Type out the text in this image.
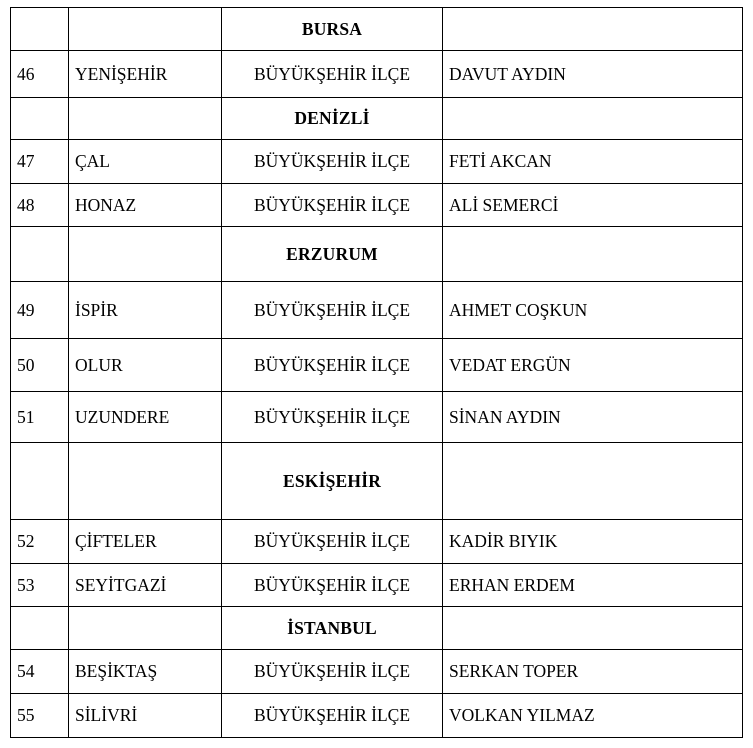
		BURSA	
46	YENİŞEHİR	BÜYÜKŞEHİR İLÇE	DAVUT AYDIN
		DENİZLİ	
47	ÇAL	BÜYÜKŞEHİR İLÇE	FETİ AKCAN
48	HONAZ	BÜYÜKŞEHİR İLÇE	ALİ SEMERCİ
		ERZURUM	
49	İSPİR	BÜYÜKŞEHİR İLÇE	AHMET COŞKUN
50	OLUR	BÜYÜKŞEHİR İLÇE	VEDAT ERGÜN
51	UZUNDERE	BÜYÜKŞEHİR İLÇE	SİNAN AYDIN
		ESKİŞEHİR	
52	ÇİFTELER	BÜYÜKŞEHİR İLÇE	KADİR BIYIK
53	SEYİTGAZİ	BÜYÜKŞEHİR İLÇE	ERHAN ERDEM
		İSTANBUL	
54	BEŞİKTAŞ	BÜYÜKŞEHİR İLÇE	SERKAN TOPER
55	SİLİVRİ	BÜYÜKŞEHİR İLÇE	VOLKAN YILMAZ
